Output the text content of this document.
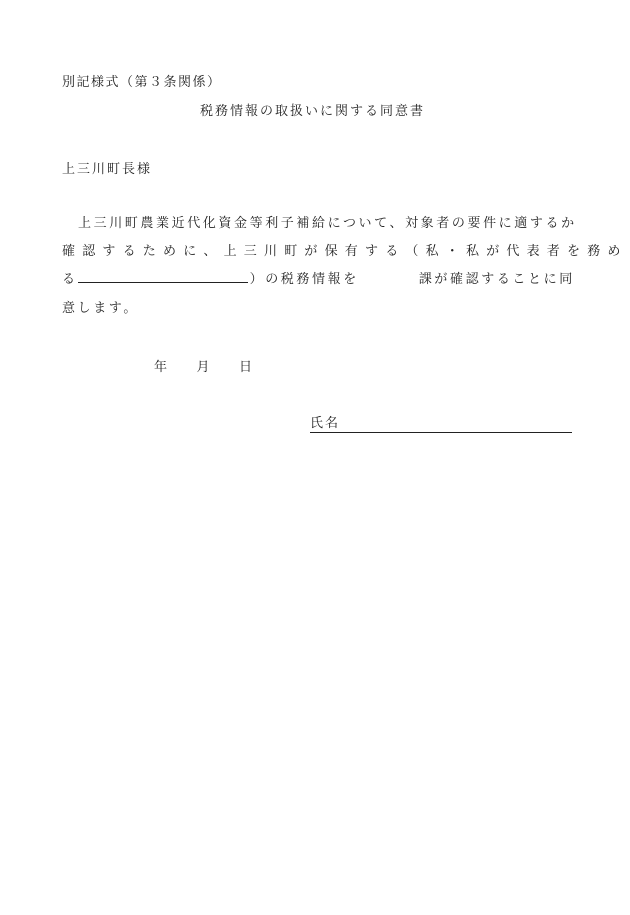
別記様式（第３条関係）
税務情報の取扱いに関する同意書
上三川町長様
上三川町農業近代化資金等利子補給について、対象者の要件に適するか
確認するために、上三川町が保有する（私・私が代表者を務め
る	）の税務情報を	課が確認することに同
意します。
年 月 日
氏名
